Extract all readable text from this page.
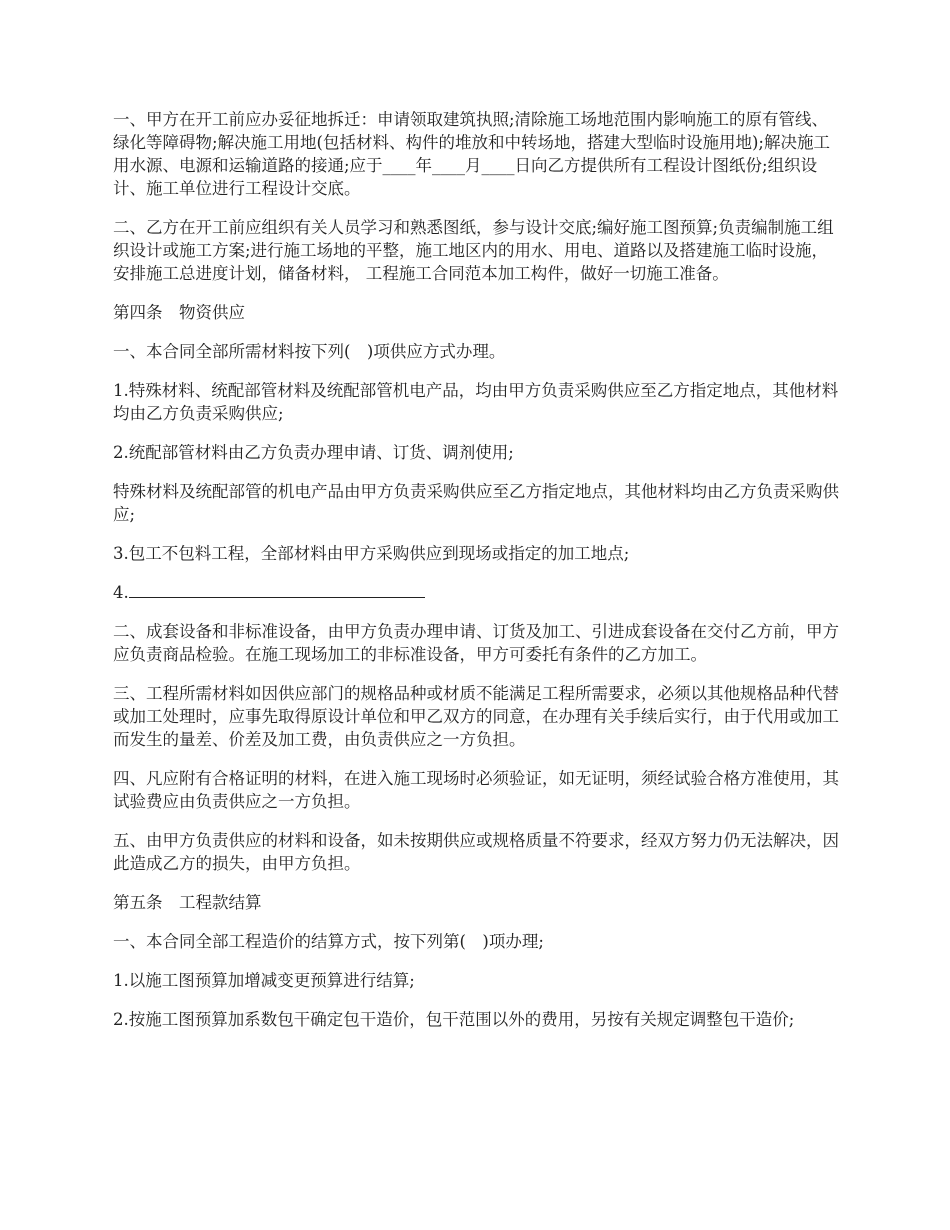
一、甲方在开工前应办妥征地拆迁：申请领取建筑执照;清除施工场地范围内影响施工的原有管线、绿化等障碍物;解决施工用地(包括材料、构件的堆放和中转场地，搭建大型临时设施用地);解决施工用水源、电源和运输道路的接通;应于____年____月____日向乙方提供所有工程设计图纸份;组织设计、施工单位进行工程设计交底。

二、乙方在开工前应组织有关人员学习和熟悉图纸，参与设计交底;编好施工图预算;负责编制施工组织设计或施工方案;进行施工场地的平整，施工地区内的用水、用电、道路以及搭建施工临时设施，安排施工总进度计划，储备材料， 工程施工合同范本加工构件，做好一切施工准备。

第四条　物资供应

一、本合同全部所需材料按下列(　)项供应方式办理。

1.特殊材料、统配部管材料及统配部管机电产品，均由甲方负责采购供应至乙方指定地点，其他材料均由乙方负责采购供应;

2.统配部管材料由乙方负责办理申请、订货、调剂使用;

特殊材料及统配部管的机电产品由甲方负责采购供应至乙方指定地点，其他材料均由乙方负责采购供应;

3.包工不包料工程，全部材料由甲方采购供应到现场或指定的加工地点;

4.

二、成套设备和非标准设备，由甲方负责办理申请、订货及加工、引进成套设备在交付乙方前，甲方应负责商品检验。在施工现场加工的非标准设备，甲方可委托有条件的乙方加工。

三、工程所需材料如因供应部门的规格品种或材质不能满足工程所需要求，必须以其他规格品种代替或加工处理时，应事先取得原设计单位和甲乙双方的同意，在办理有关手续后实行，由于代用或加工而发生的量差、价差及加工费，由负责供应之一方负担。

四、凡应附有合格证明的材料，在进入施工现场时必须验证，如无证明，须经试验合格方准使用，其试验费应由负责供应之一方负担。

五、由甲方负责供应的材料和设备，如未按期供应或规格质量不符要求，经双方努力仍无法解决，因此造成乙方的损失，由甲方负担。

第五条　工程款结算

一、本合同全部工程造价的结算方式，按下列第(　)项办理;

1.以施工图预算加增减变更预算进行结算;

2.按施工图预算加系数包干确定包干造价，包干范围以外的费用，另按有关规定调整包干造价;
